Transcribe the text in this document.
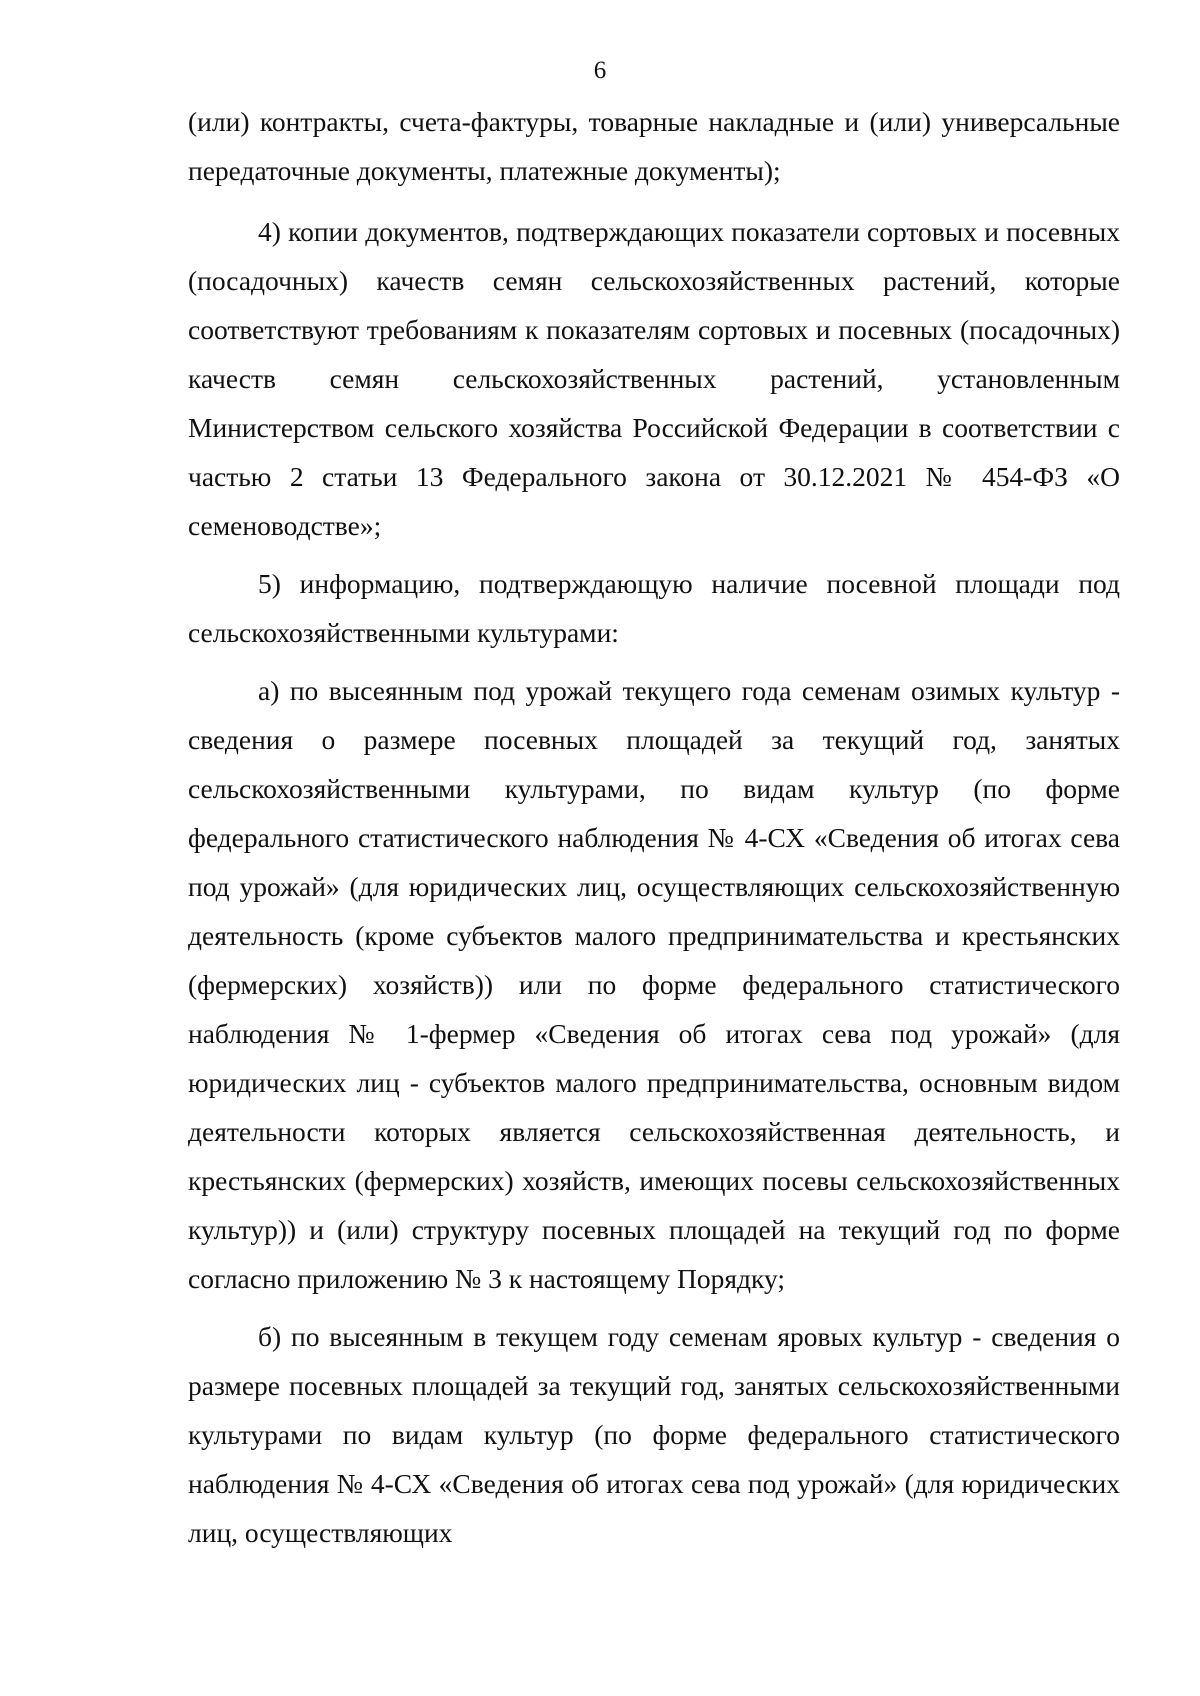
6

(или) контракты, счета-фактуры, товарные накладные и (или) универсальные передаточные документы, платежные документы);

4) копии документов, подтверждающих показатели сортовых и посевных (посадочных) качеств семян сельскохозяйственных растений, которые соответствуют требованиям к показателям сортовых и посевных (посадочных) качеств семян сельскохозяйственных растений, установленным Министерством сельского хозяйства Российской Федерации в соответствии с частью 2 статьи 13 Федерального закона от 30.12.2021 № 454-ФЗ «О семеноводстве»;

5) информацию, подтверждающую наличие посевной площади под сельскохозяйственными культурами:

а) по высеянным под урожай текущего года семенам озимых культур - сведения о размере посевных площадей за текущий год, занятых сельскохозяйственными культурами, по видам культур (по форме федерального статистического наблюдения № 4-СХ «Сведения об итогах сева под урожай» (для юридических лиц, осуществляющих сельскохозяйственную деятельность (кроме субъектов малого предпринимательства и крестьянских (фермерских) хозяйств)) или по форме федерального статистического наблюдения № 1-фермер «Сведения об итогах сева под урожай» (для юридических лиц - субъектов малого предпринимательства, основным видом деятельности которых является сельскохозяйственная деятельность, и крестьянских (фермерских) хозяйств, имеющих посевы сельскохозяйственных культур)) и (или) структуру посевных площадей на текущий год по форме согласно приложению № 3 к настоящему Порядку;

б) по высеянным в текущем году семенам яровых культур - сведения о размере посевных площадей за текущий год, занятых сельскохозяйственными культурами по видам культур (по форме федерального статистического наблюдения № 4-СХ «Сведения об итогах сева под урожай» (для юридических лиц, осуществляющих
